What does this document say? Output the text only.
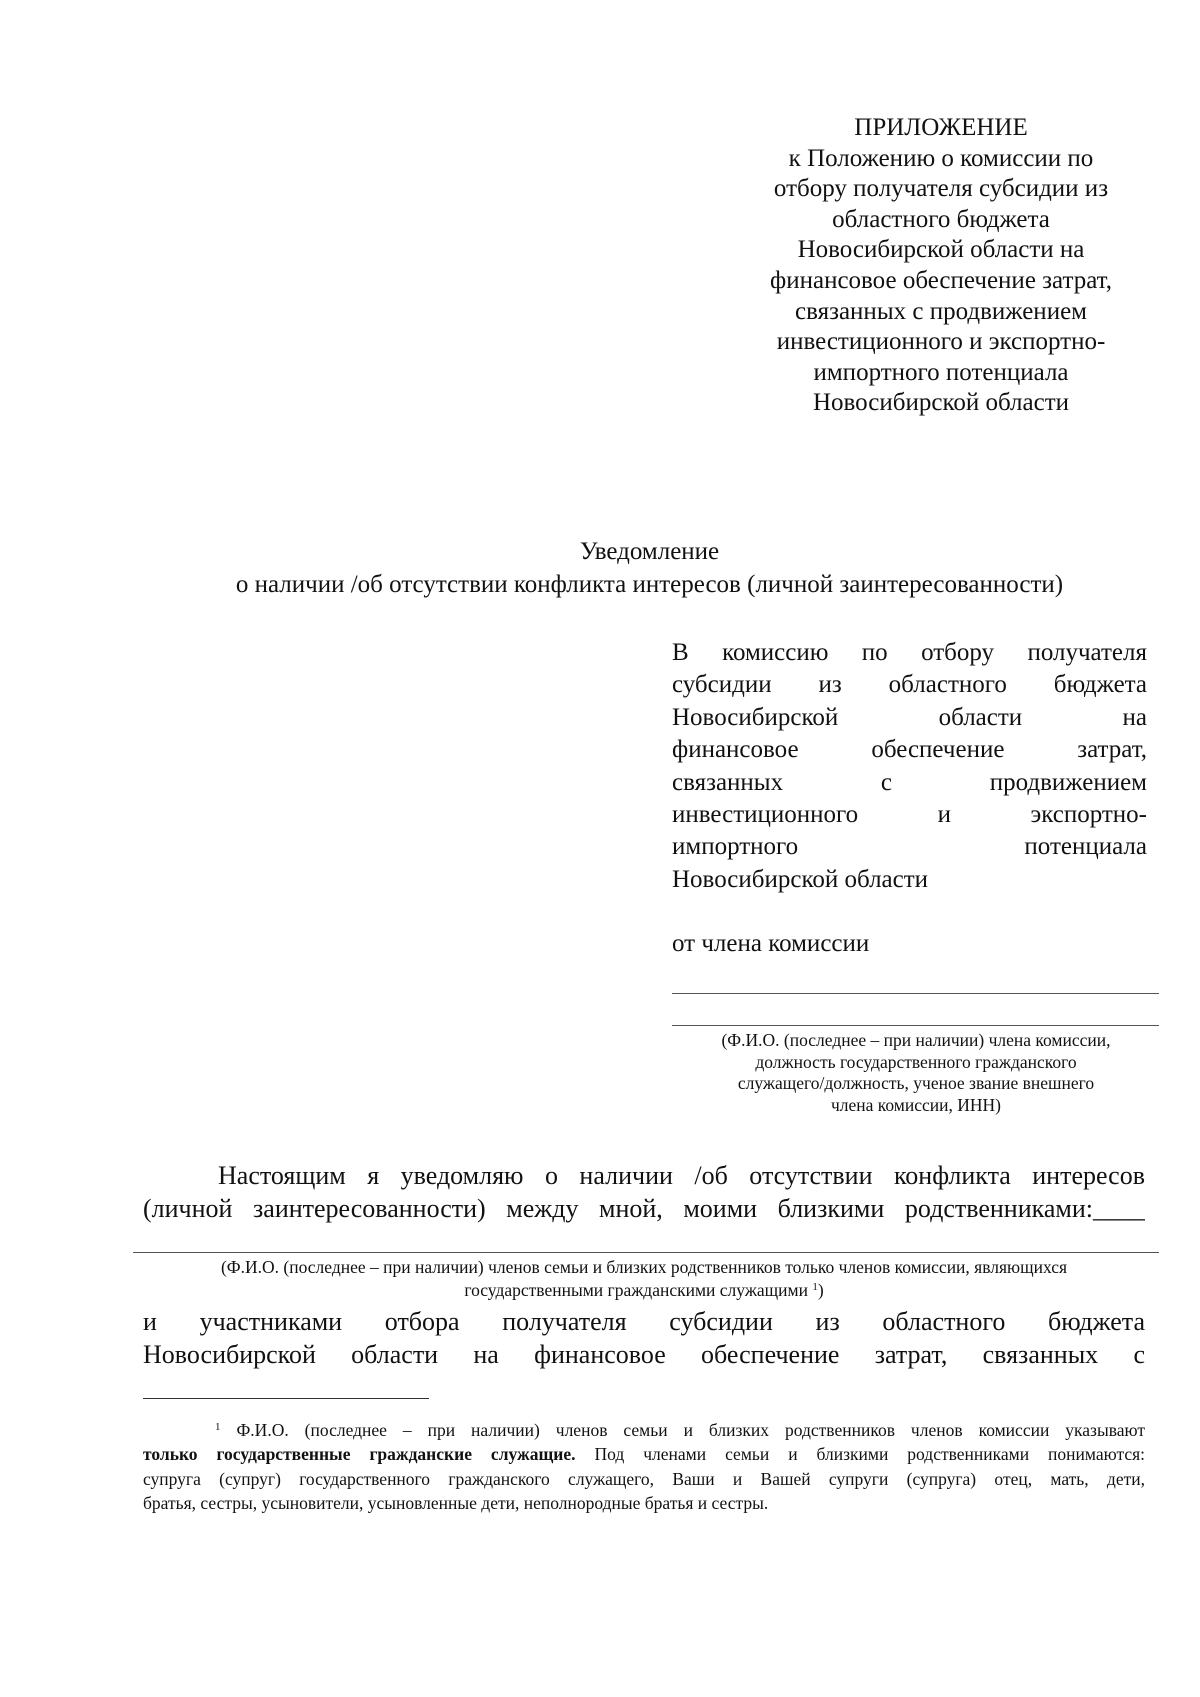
ПРИЛОЖЕНИЕ
к Положению о комиссии по
отбору получателя субсидии из
областного бюджета
Новосибирской области на
финансовое обеспечение затрат,
связанных с продвижением
инвестиционного и экспортно-
импортного потенциала
Новосибирской области
Уведомление
о наличии /об отсутствии конфликта интересов (личной заинтересованности)
В комиссию по отбору получателя
субсидии из областного бюджета
Новосибирской области на
финансовое обеспечение затрат,
связанных с продвижением
инвестиционного и экспортно-
импортного потенциала
Новосибирской области
от члена комиссии
(Ф.И.О. (последнее – при наличии) члена комиссии,
должность государственного гражданского
служащего/должность, ученое звание внешнего
члена комиссии, ИНН)
Настоящим я уведомляю о наличии /об отсутствии конфликта интересов
(личной заинтересованности) между мной, моими близкими родственниками:____
(Ф.И.О. (последнее – при наличии) членов семьи и близких родственников только членов комиссии, являющихся
государственными гражданскими служащими $^1$)
и участниками отбора получателя субсидии из областного бюджета
Новосибирской области на финансовое обеспечение затрат, связанных с
$^1$ Ф.И.О. (последнее – при наличии) членов семьи и близких родственников членов комиссии указывают
только государственные гражданские служащие. Под членами семьи и близкими родственниками понимаются:
супруга (супруг) государственного гражданского служащего, Ваши и Вашей супруги (супруга) отец, мать, дети,
братья, сестры, усыновители, усыновленные дети, неполнородные братья и сестры.
